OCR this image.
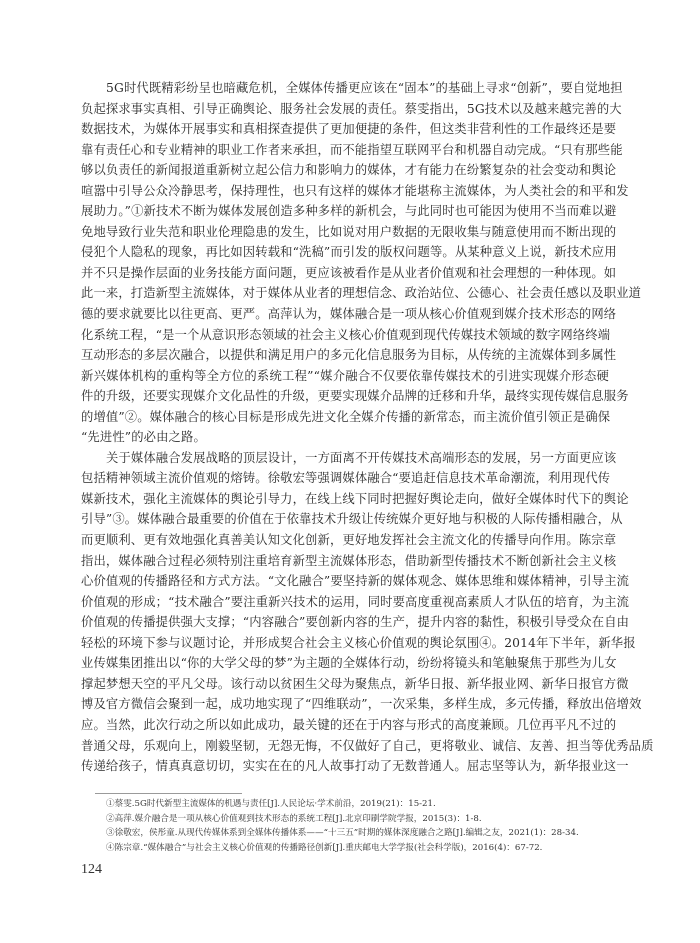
5G时代既精彩纷呈也暗藏危机，全媒体传播更应该在“固本”的基础上寻求“创新”，要自觉地担
负起探求事实真相、引导正确舆论、服务社会发展的责任。蔡雯指出，5G技术以及越来越完善的大
数据技术，为媒体开展事实和真相探查提供了更加便捷的条件，但这类非营利性的工作最终还是要
靠有责任心和专业精神的职业工作者来承担，而不能指望互联网平台和机器自动完成。“只有那些能
够以负责任的新闻报道重新树立起公信力和影响力的媒体，才有能力在纷繁复杂的社会变动和舆论
喧嚣中引导公众冷静思考，保持理性，也只有这样的媒体才能堪称主流媒体，为人类社会的和平和发
展助力。”①新技术不断为媒体发展创造多种多样的新机会，与此同时也可能因为使用不当而难以避
免地导致行业失范和职业伦理隐患的发生，比如说对用户数据的无限收集与随意使用而不断出现的
侵犯个人隐私的现象，再比如因转载和“洗稿”而引发的版权问题等。从某种意义上说，新技术应用
并不只是操作层面的业务技能方面问题，更应该被看作是从业者价值观和社会理想的一种体现。如
此一来，打造新型主流媒体，对于媒体从业者的理想信念、政治站位、公德心、社会责任感以及职业道
德的要求就要比以往更高、更严。高萍认为，媒体融合是一项从核心价值观到媒介技术形态的网络
化系统工程，“是一个从意识形态领域的社会主义核心价值观到现代传媒技术领域的数字网络终端
互动形态的多层次融合，以提供和满足用户的多元化信息服务为目标，从传统的主流媒体到多属性
新兴媒体机构的重构等全方位的系统工程”“媒介融合不仅要依靠传媒技术的引进实现媒介形态硬
件的升级，还要实现媒介文化品性的升级，更要实现媒介品牌的迁移和升华，最终实现传媒信息服务
的增值”②。媒体融合的核心目标是形成先进文化全媒介传播的新常态，而主流价值引领正是确保
“先进性”的必由之路。
关于媒体融合发展战略的顶层设计，一方面离不开传媒技术高端形态的发展，另一方面更应该
包括精神领域主流价值观的熔铸。徐敬宏等强调媒体融合“要追赶信息技术革命潮流，利用现代传
媒新技术，强化主流媒体的舆论引导力，在线上线下同时把握好舆论走向，做好全媒体时代下的舆论
引导”③。媒体融合最重要的价值在于依靠技术升级让传统媒介更好地与积极的人际传播相融合，从
而更顺利、更有效地强化真善美认知文化创新，更好地发挥社会主流文化的传播导向作用。陈宗章
指出，媒体融合过程必须特别注重培育新型主流媒体形态，借助新型传播技术不断创新社会主义核
心价值观的传播路径和方式方法。“文化融合”要坚持新的媒体观念、媒体思维和媒体精神，引导主流
价值观的形成；“技术融合”要注重新兴技术的运用，同时要高度重视高素质人才队伍的培育，为主流
价值观的传播提供强大支撑；“内容融合”要创新内容的生产，提升内容的黏性，积极引导受众在自由
轻松的环境下参与议题讨论，并形成契合社会主义核心价值观的舆论氛围④。2014年下半年，新华报
业传媒集团推出以“你的大学父母的梦”为主题的全媒体行动，纷纷将镜头和笔触聚焦于那些为儿女
撑起梦想天空的平凡父母。该行动以贫困生父母为聚焦点，新华日报、新华报业网、新华日报官方微
博及官方微信会聚到一起，成功地实现了“四维联动”，一次采集，多样生成，多元传播，释放出倍增效
应。当然，此次行动之所以如此成功，最关键的还在于内容与形式的高度兼顾。几位再平凡不过的
普通父母，乐观向上，刚毅坚韧，无怨无悔，不仅做好了自己，更将敬业、诚信、友善、担当等优秀品质
传递给孩子，情真真意切切，实实在在的凡人故事打动了无数普通人。屈志坚等认为，新华报业这一
①蔡雯.5G时代新型主流媒体的机遇与责任[J].人民论坛·学术前沿，2019(21)：15-21.
②高萍.媒介融合是一项从核心价值观到技术形态的系统工程[J].北京印刷学院学报，2015(3)：1-8.
③徐敬宏，侯彤童.从现代传媒体系到全媒体传播体系——“十三五”时期的媒体深度融合之路[J].编辑之友，2021(1)：28-34.
④陈宗章.“媒体融合”与社会主义核心价值观的传播路径创新[J].重庆邮电大学学报(社会科学版)，2016(4)：67-72.
124
